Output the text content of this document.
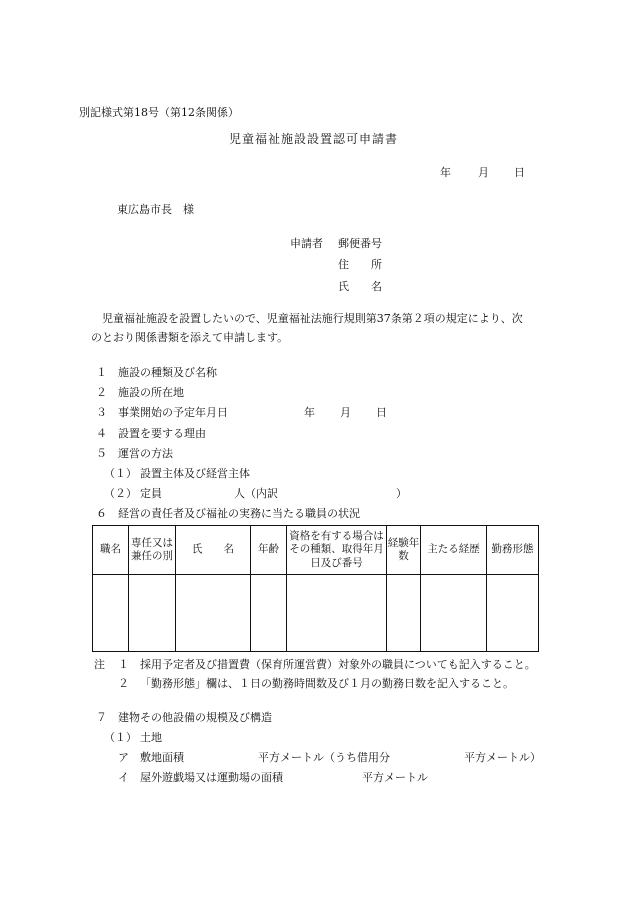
別記様式第18号（第12条関係）
児童福祉施設設置認可申請書
年 月 日
東広島市長　様
申請者 郵便番号
住　　所
氏　　名
児童福祉施設を設置したいので、児童福祉法施行規則第37条第２項の規定により、次
のとおり関係書類を添えて申請します。
１ 施設の種類及び名称
２ 施設の所在地
３ 事業開始の予定年月日	年 月 日
４ 設置を要する理由
５ 運営の方法
（１） 設置主体及び経営主体
（２） 定員	人（内訳	）
６ 経営の責任者及び福祉の実務に当たる職員の状況
職名	専任又は兼任の別	氏　　名	年齢	資格を有する場合はその種類、取得年月日及び番号	経験年数	主たる経歴	勤務形態

注 １ 採用予定者及び措置費（保育所運営費）対象外の職員についても記入すること。
２ 「勤務形態」欄は、１日の勤務時間数及び１月の勤務日数を記入すること。
７ 建物その他設備の規模及び構造
（１） 土地
ア 敷地面積	平方メートル（うち借用分	平方メートル）
イ 屋外遊戯場又は運動場の面積	平方メートル
